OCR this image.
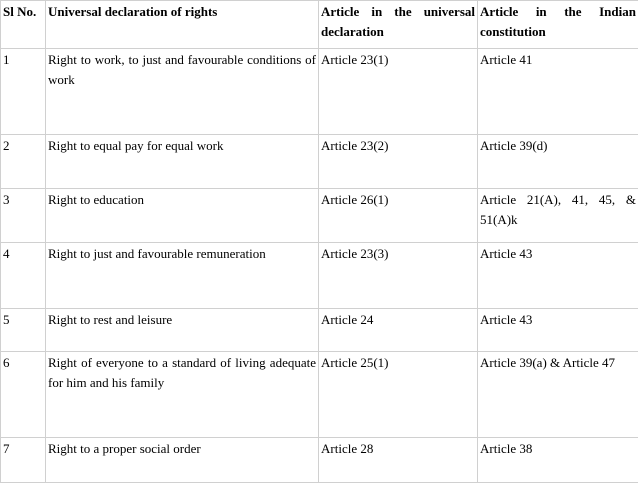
Sl No.	Universal declaration of rights	Article in the universal declaration	Article in the Indian constitution
1	Right to work, to just and favourable conditions of work	Article 23(1)	Article 41
2	Right to equal pay for equal work	Article 23(2)	Article 39(d)
3	Right to education	Article 26(1)	Article 21(A), 41, 45, & 51(A)k
4	Right to just and favourable remuneration	Article 23(3)	Article 43
5	Right to rest and leisure	Article 24	Article 43
6	Right of everyone to a standard of living adequate for him and his family	Article 25(1)	Article 39(a) & Article 47
7	Right to a proper social order	Article 28	Article 38
